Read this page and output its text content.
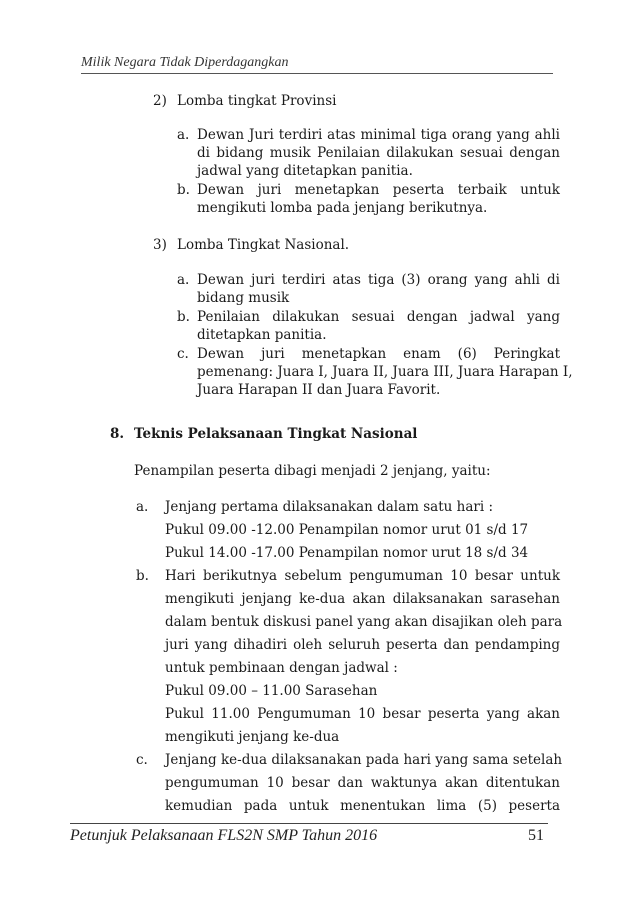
Milik Negara Tidak Diperdagangkan
2) Lomba tingkat Provinsi
a. Dewan Juri terdiri atas minimal tiga orang yang ahli
di bidang musik Penilaian dilakukan sesuai dengan
jadwal yang ditetapkan panitia.
b. Dewan juri menetapkan peserta terbaik untuk
mengikuti lomba pada jenjang berikutnya.
3) Lomba Tingkat Nasional.
a. Dewan juri terdiri atas tiga (3) orang yang ahli di
bidang musik
b. Penilaian dilakukan sesuai dengan jadwal yang
ditetapkan panitia.
c. Dewan juri menetapkan enam (6) Peringkat
pemenang: Juara I, Juara II, Juara III, Juara Harapan I,
Juara Harapan II dan Juara Favorit.
8. Teknis Pelaksanaan Tingkat Nasional
Penampilan peserta dibagi menjadi 2 jenjang, yaitu:
a. Jenjang pertama dilaksanakan dalam satu hari :
Pukul 09.00 -12.00 Penampilan nomor urut 01 s/d 17
Pukul 14.00 -17.00 Penampilan nomor urut 18 s/d 34
b. Hari berikutnya sebelum pengumuman 10 besar untuk
mengikuti jenjang ke-dua akan dilaksanakan sarasehan
dalam bentuk diskusi panel yang akan disajikan oleh para
juri yang dihadiri oleh seluruh peserta dan pendamping
untuk pembinaan dengan jadwal :
Pukul 09.00 – 11.00 Sarasehan
Pukul 11.00 Pengumuman 10 besar peserta yang akan
mengikuti jenjang ke-dua
c. Jenjang ke-dua dilaksanakan pada hari yang sama setelah
pengumuman 10 besar dan waktunya akan ditentukan
kemudian pada untuk menentukan lima (5) peserta
Petunjuk Pelaksanaan FLS2N SMP Tahun 2016	51
